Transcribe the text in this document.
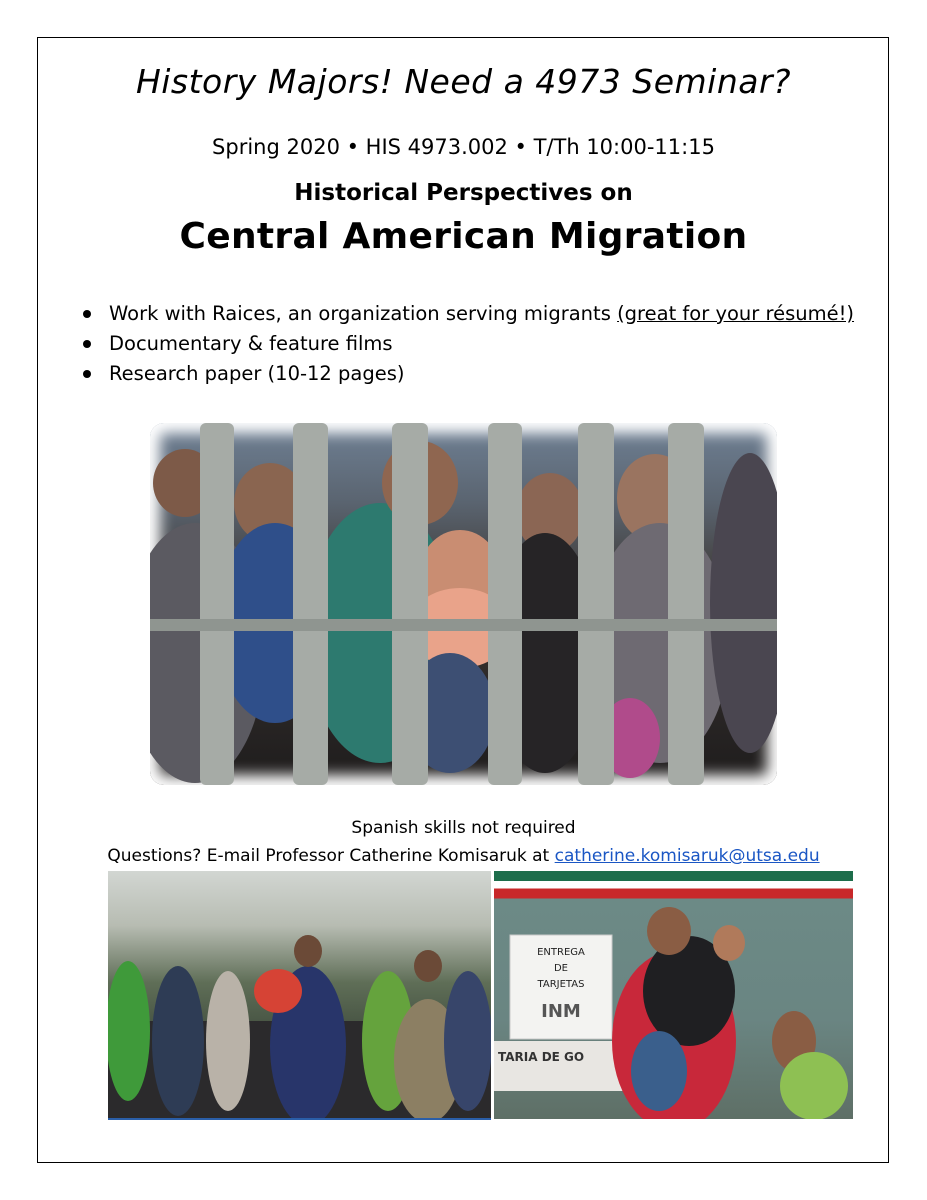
History Majors! Need a 4973 Seminar?
Spring 2020 • HIS 4973.002 • T/Th 10:00-11:15
Historical Perspectives on
Central American Migration
Work with Raices, an organization serving migrants (great for your résumé!)
Documentary & feature films
Research paper (10-12 pages)
Spanish skills not required
Questions? E-mail Professor Catherine Komisaruk at catherine.komisaruk@utsa.edu
ENTREGA
DE
TARJETAS
INM
TARIA DE GO
